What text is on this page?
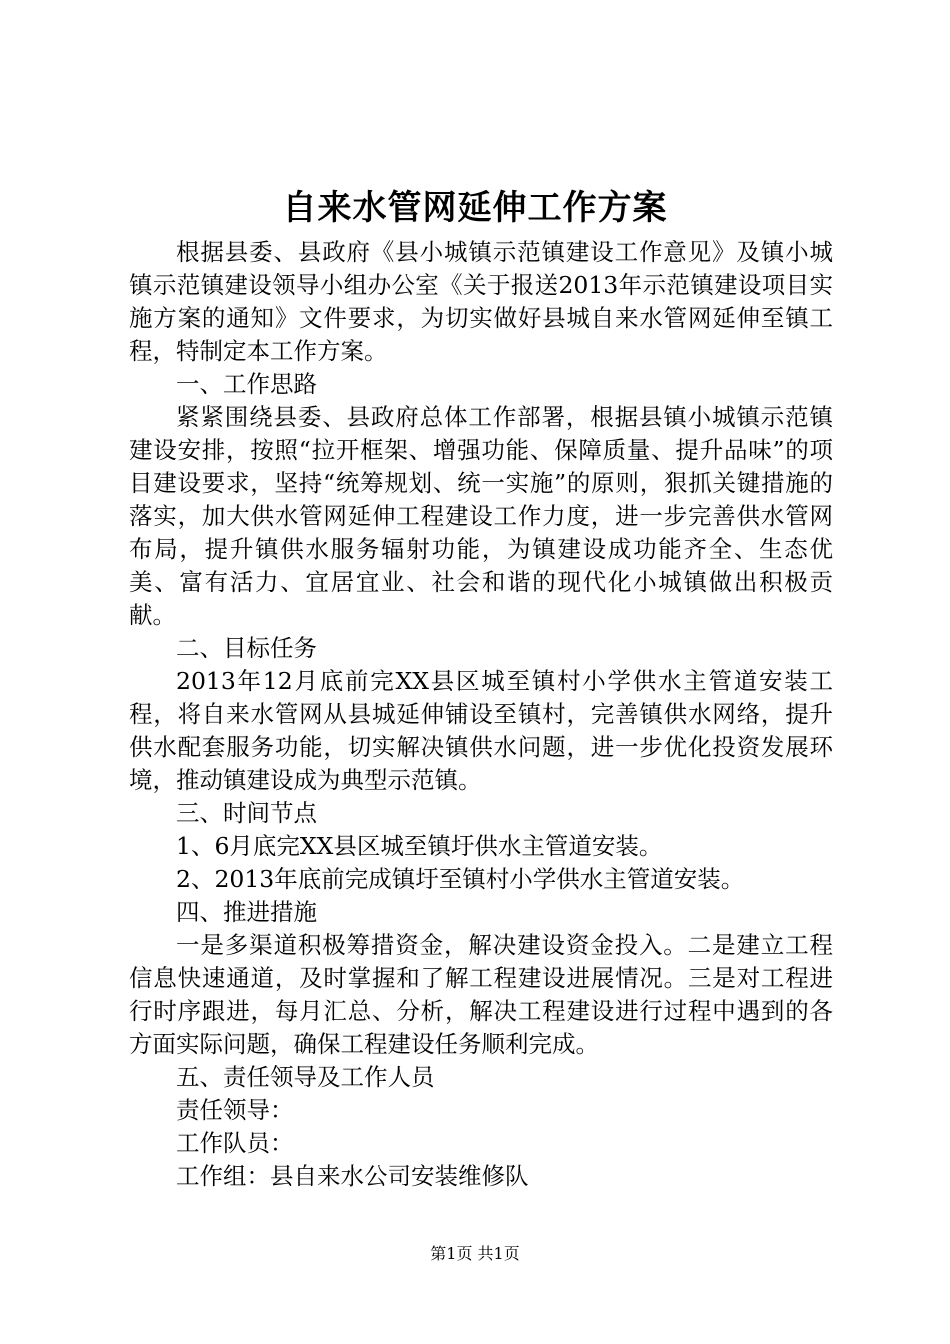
自来水管网延伸工作方案

根据县委、县政府《县小城镇示范镇建设工作意见》及镇小城镇示范镇建设领导小组办公室《关于报送2013年示范镇建设项目实施方案的通知》文件要求，为切实做好县城自来水管网延伸至镇工程，特制定本工作方案。

一、工作思路

紧紧围绕县委、县政府总体工作部署，根据县镇小城镇示范镇建设安排，按照“拉开框架、增强功能、保障质量、提升品味”的项目建设要求，坚持“统筹规划、统一实施”的原则，狠抓关键措施的落实，加大供水管网延伸工程建设工作力度，进一步完善供水管网布局，提升镇供水服务辐射功能，为镇建设成功能齐全、生态优美、富有活力、宜居宜业、社会和谐的现代化小城镇做出积极贡献。

二、目标任务

2013年12月底前完XX县区城至镇村小学供水主管道安装工程，将自来水管网从县城延伸铺设至镇村，完善镇供水网络，提升供水配套服务功能，切实解决镇供水问题，进一步优化投资发展环境，推动镇建设成为典型示范镇。

三、时间节点

1、6月底完XX县区城至镇圩供水主管道安装。

2、2013年底前完成镇圩至镇村小学供水主管道安装。

四、推进措施

一是多渠道积极筹措资金，解决建设资金投入。二是建立工程信息快速通道，及时掌握和了解工程建设进展情况。三是对工程进行时序跟进，每月汇总、分析，解决工程建设进行过程中遇到的各方面实际问题，确保工程建设任务顺利完成。

五、责任领导及工作人员

责任领导：

工作队员：

工作组：县自来水公司安装维修队

第1页 共1页
